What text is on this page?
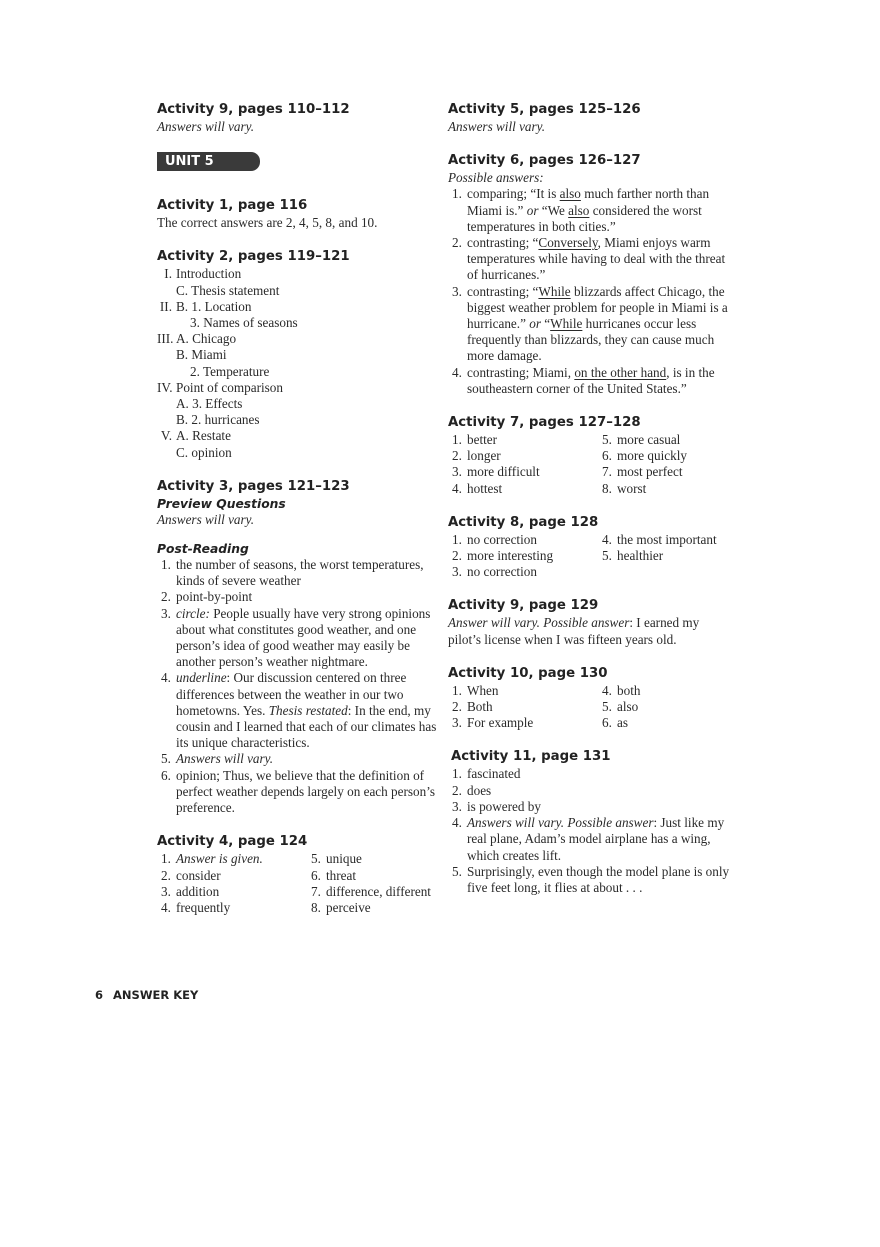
Activity 9, pages 110–112
Answers will vary.
UNIT 5
Activity 1, page 116
The correct answers are 2, 4, 5, 8, and 10.
Activity 2, pages 119–121
I. Introduction
C. Thesis statement
II. B. 1. Location
3. Names of seasons
III. A. Chicago
B. Miami
2. Temperature
IV. Point of comparison
A. 3. Effects
B. 2. hurricanes
V. A. Restate
C. opinion
Activity 3, pages 121–123
Preview Questions
Answers will vary.
Post-Reading
1. the number of seasons, the worst temperatures, kinds of severe weather
2. point-by-point
3. circle: People usually have very strong opinions about what constitutes good weather, and one person’s idea of good weather may easily be another person’s weather nightmare.
4. underline: Our discussion centered on three differences between the weather in our two hometowns. Yes. Thesis restated: In the end, my cousin and I learned that each of our climates has its unique characteristics.
5. Answers will vary.
6. opinion; Thus, we believe that the definition of perfect weather depends largely on each person’s preference.
Activity 4, page 124
1. Answer is given.	5. unique
2. consider	6. threat
3. addition	7. difference, different
4. frequently	8. perceive
Activity 5, pages 125–126
Answers will vary.
Activity 6, pages 126–127
Possible answers:
1. comparing; “It is also much farther north than Miami is.” or “We also considered the worst temperatures in both cities.”
2. contrasting; “Conversely, Miami enjoys warm temperatures while having to deal with the threat of hurricanes.”
3. contrasting; “While blizzards affect Chicago, the biggest weather problem for people in Miami is a hurricane.” or “While hurricanes occur less frequently than blizzards, they can cause much more damage.
4. contrasting; Miami, on the other hand, is in the southeastern corner of the United States.”
Activity 7, pages 127–128
1. better	5. more casual
2. longer	6. more quickly
3. more difficult	7. most perfect
4. hottest	8. worst
Activity 8, page 128
1. no correction	4. the most important
2. more interesting	5. healthier
3. no correction
Activity 9, page 129
Answer will vary. Possible answer: I earned my pilot’s license when I was fifteen years old.
Activity 10, page 130
1. When	4. both
2. Both	5. also
3. For example	6. as
Activity 11, page 131
1. fascinated
2. does
3. is powered by
4. Answers will vary. Possible answer: Just like my real plane, Adam’s model airplane has a wing, which creates lift.
5. Surprisingly, even though the model plane is only five feet long, it flies at about . . .
6 ANSWER KEY
